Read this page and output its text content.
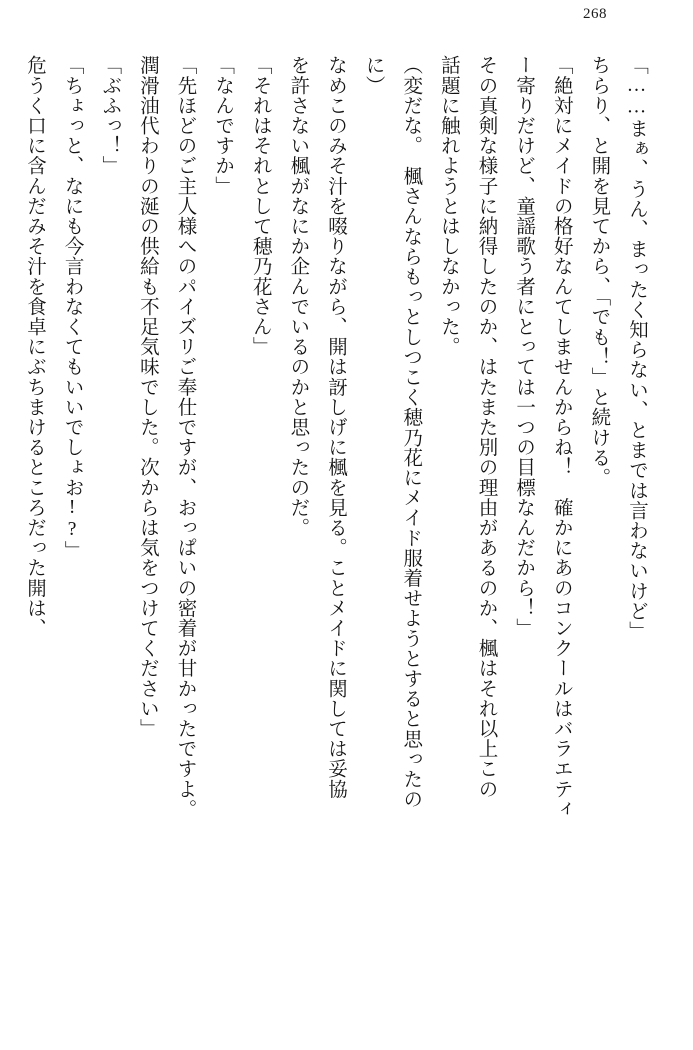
268

「……まぁ、うん、まったく知らない、とまでは言わないけど」

ちらり、と開を見てから、「でも！」と続ける。

「絶対にメイドの格好なんてしませんからね！　確かにあのコンクールはバラエティ

ー寄りだけど、童謡歌う者にとっては一つの目標なんだから！」

その真剣な様子に納得したのか、はたまた別の理由があるのか、楓はそれ以上この

話題に触れようとはしなかった。

（変だな。　楓さんならもっとしつこく穂乃花にメイド服着せようとすると思ったの

に）

なめこのみそ汁を啜りながら、開は訝しげに楓を見る。ことメイドに関しては妥協

を許さない楓がなにか企んでいるのかと思ったのだ。

「それはそれとして穂乃花さん」

「なんですか」

「先ほどのご主人様へのパイズリご奉仕ですが、おっぱいの密着が甘かったですよ。

潤滑油代わりの涎の供給も不足気味でした。次からは気をつけてください」

「ぶふっ！」

「ちょっと、なにも今言わなくてもいいでしょお!?」

危うく口に含んだみそ汁を食卓にぶちまけるところだった開は、
